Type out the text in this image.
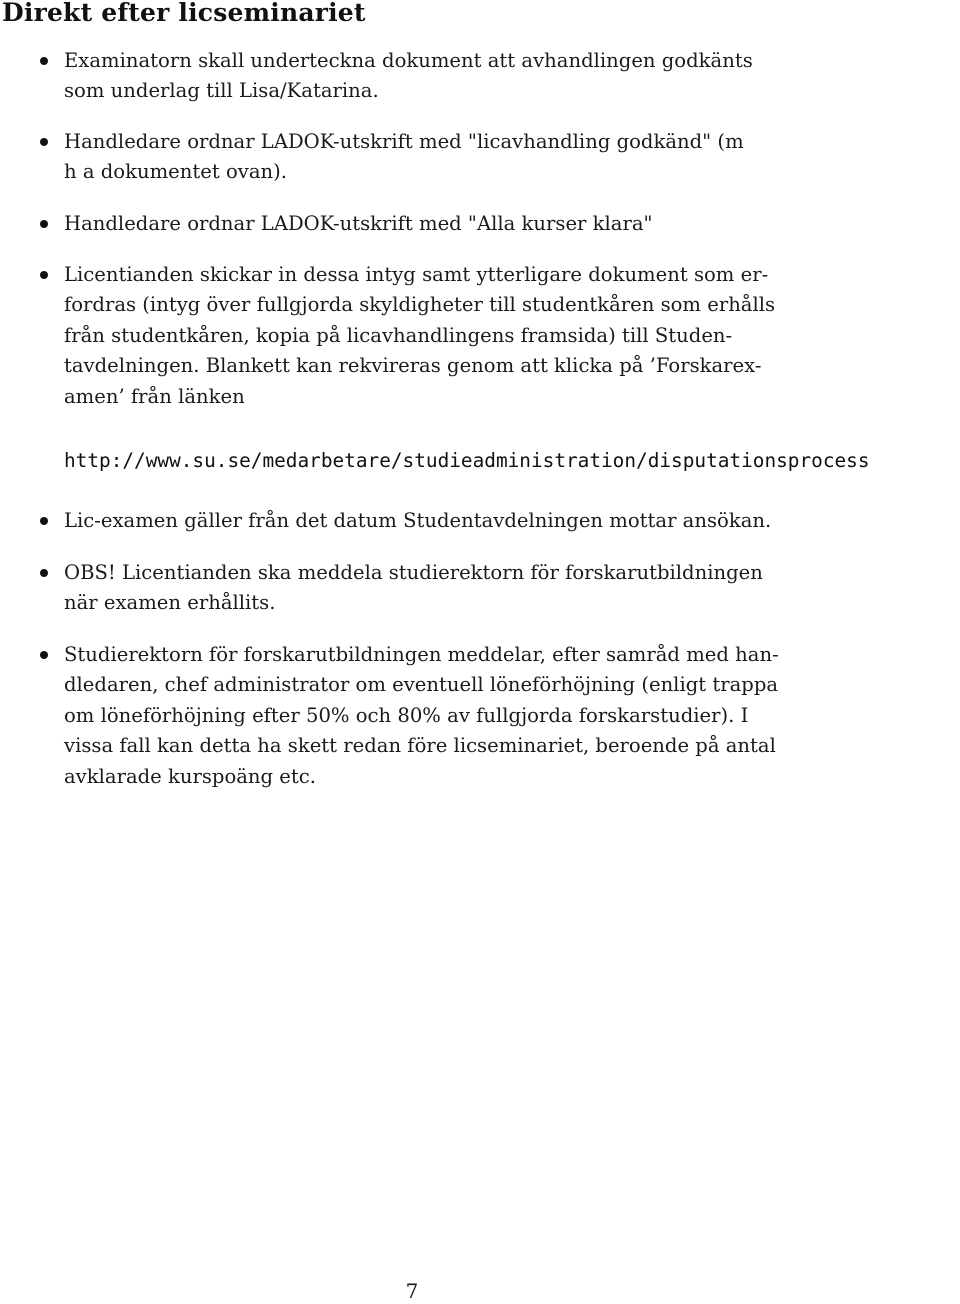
Direkt efter licseminariet

Examinatorn skall underteckna dokument att avhandlingen godkänts
som underlag till Lisa/Katarina.

Handledare ordnar LADOK-utskrift med "licavhandling godkänd" (m
h a dokumentet ovan).

Handledare ordnar LADOK-utskrift med "Alla kurser klara"

Licentianden skickar in dessa intyg samt ytterligare dokument som er-
fordras (intyg över fullgjorda skyldigheter till studentkåren som erhålls
från studentkåren, kopia på licavhandlingens framsida) till Studen-
tavdelningen. Blankett kan rekvireras genom att klicka på ’Forskarex-
amen’ från länken

http://www.su.se/medarbetare/studieadministration/disputationsprocess

Lic-examen gäller från det datum Studentavdelningen mottar ansökan.

OBS! Licentianden ska meddela studierektorn för forskarutbildningen
när examen erhållits.

Studierektorn för forskarutbildningen meddelar, efter samråd med han-
dledaren, chef administrator om eventuell löneförhöjning (enligt trappa
om löneförhöjning efter 50% och 80% av fullgjorda forskarstudier). I
vissa fall kan detta ha skett redan före licseminariet, beroende på antal
avklarade kurspoäng etc.

7
